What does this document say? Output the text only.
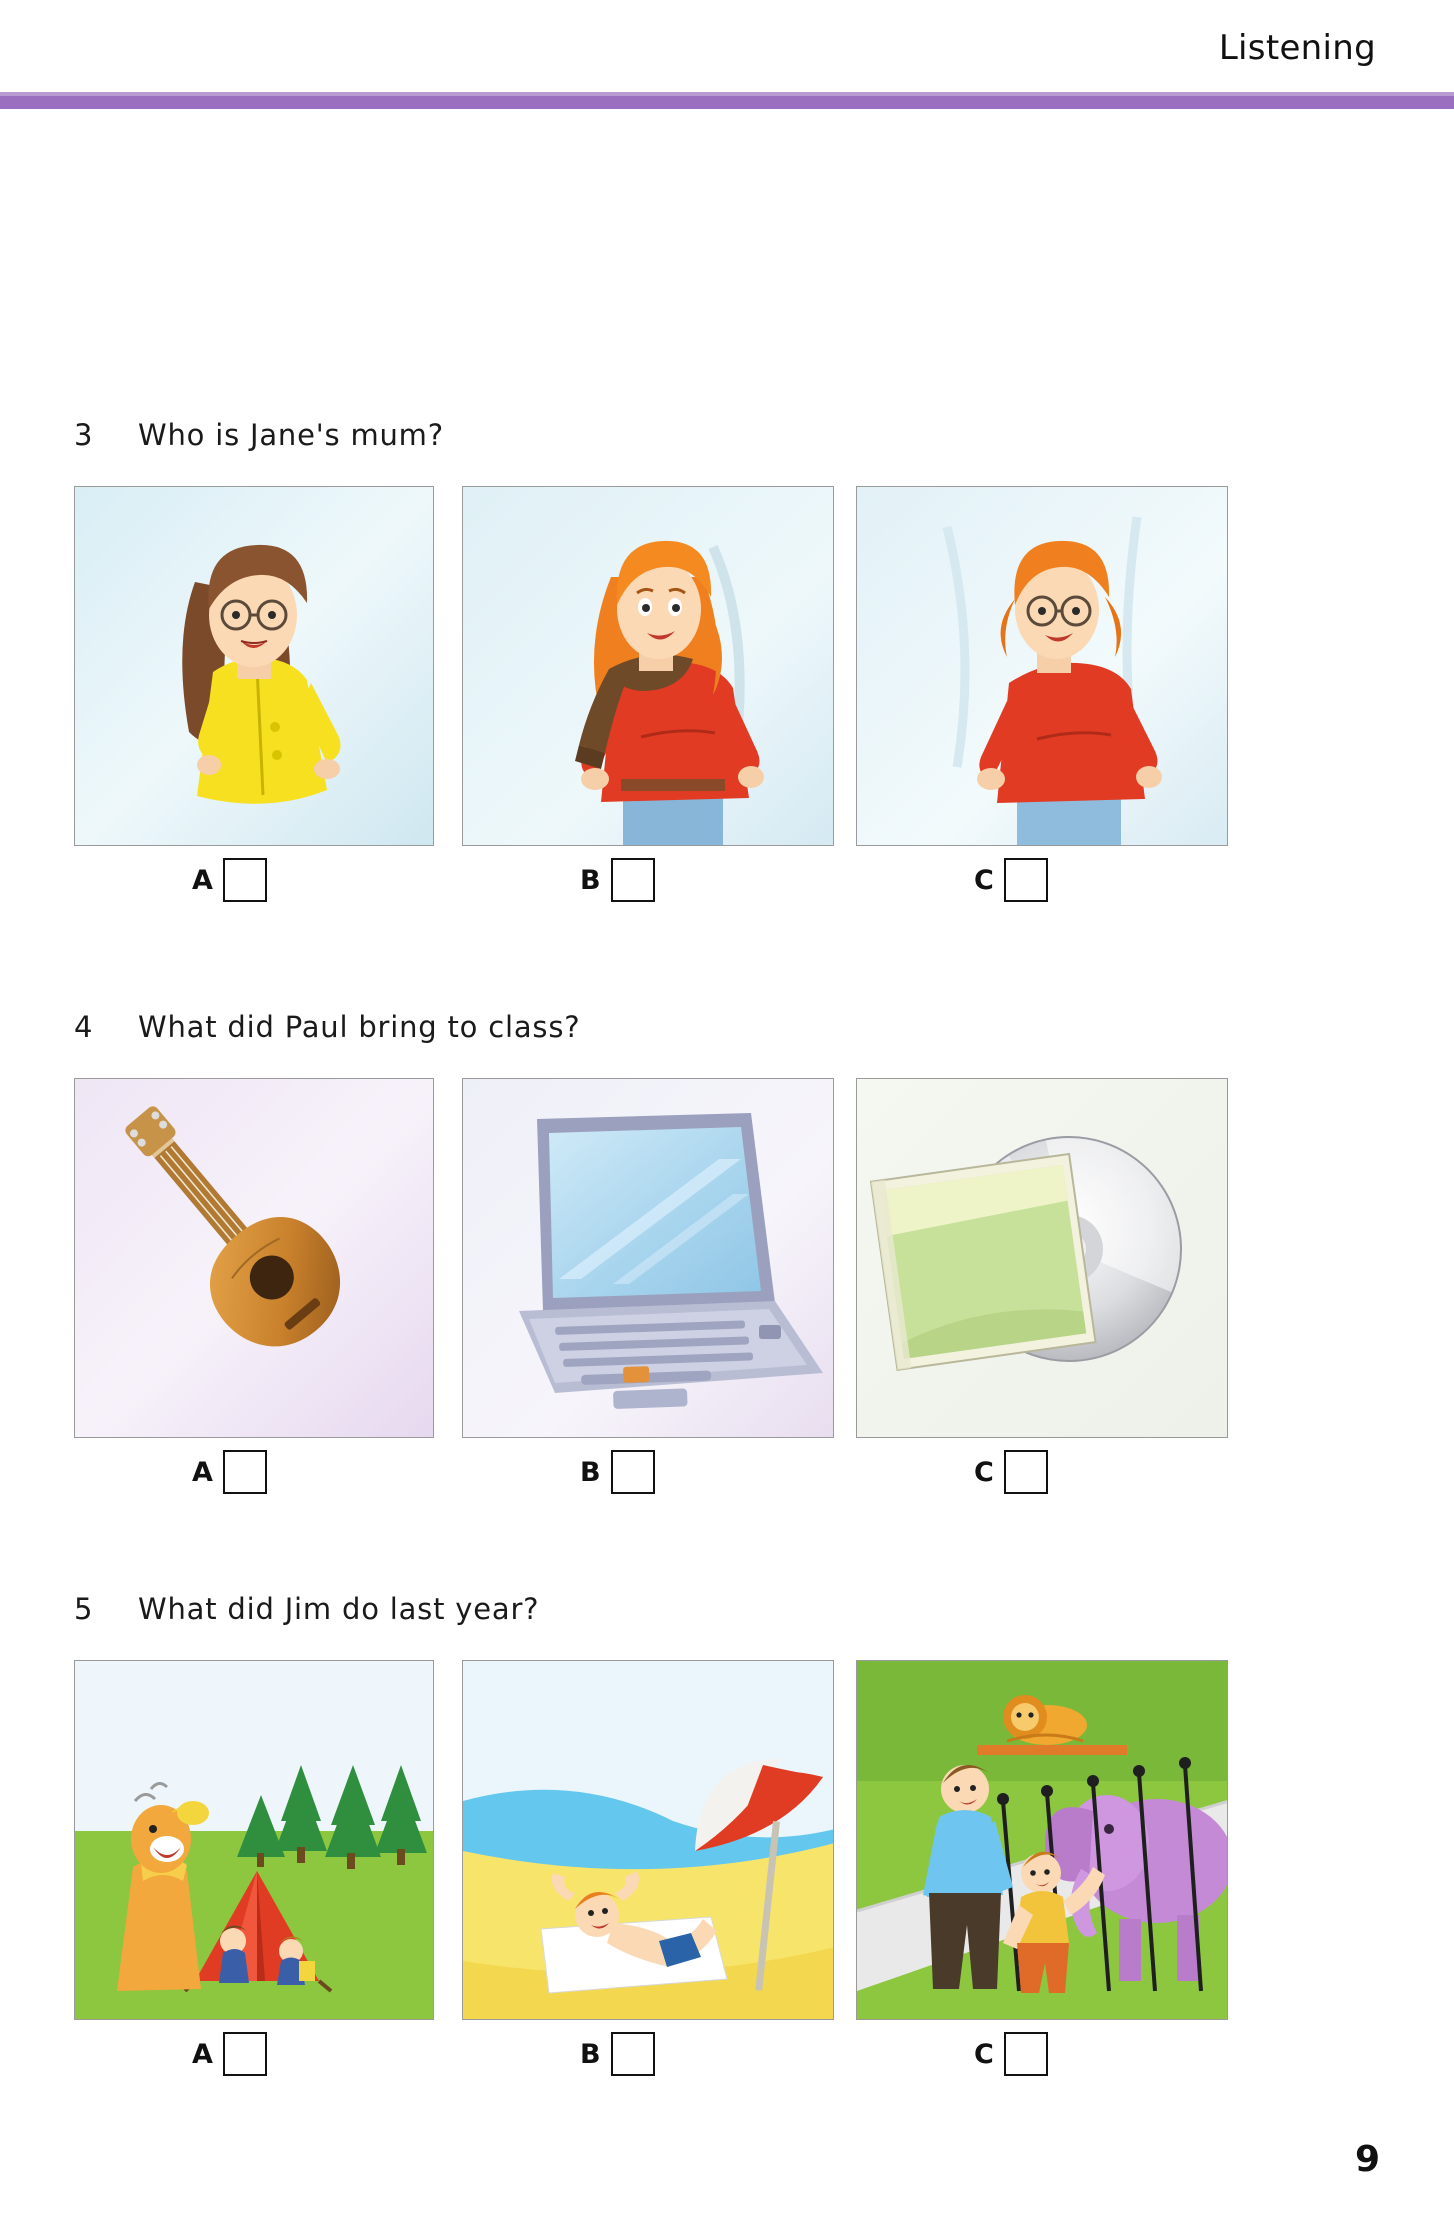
Listening
3	Who is Jane's mum?
A	B	C
4	What did Paul bring to class?
A	B	C
5	What did Jim do last year?
A	B	C
9
